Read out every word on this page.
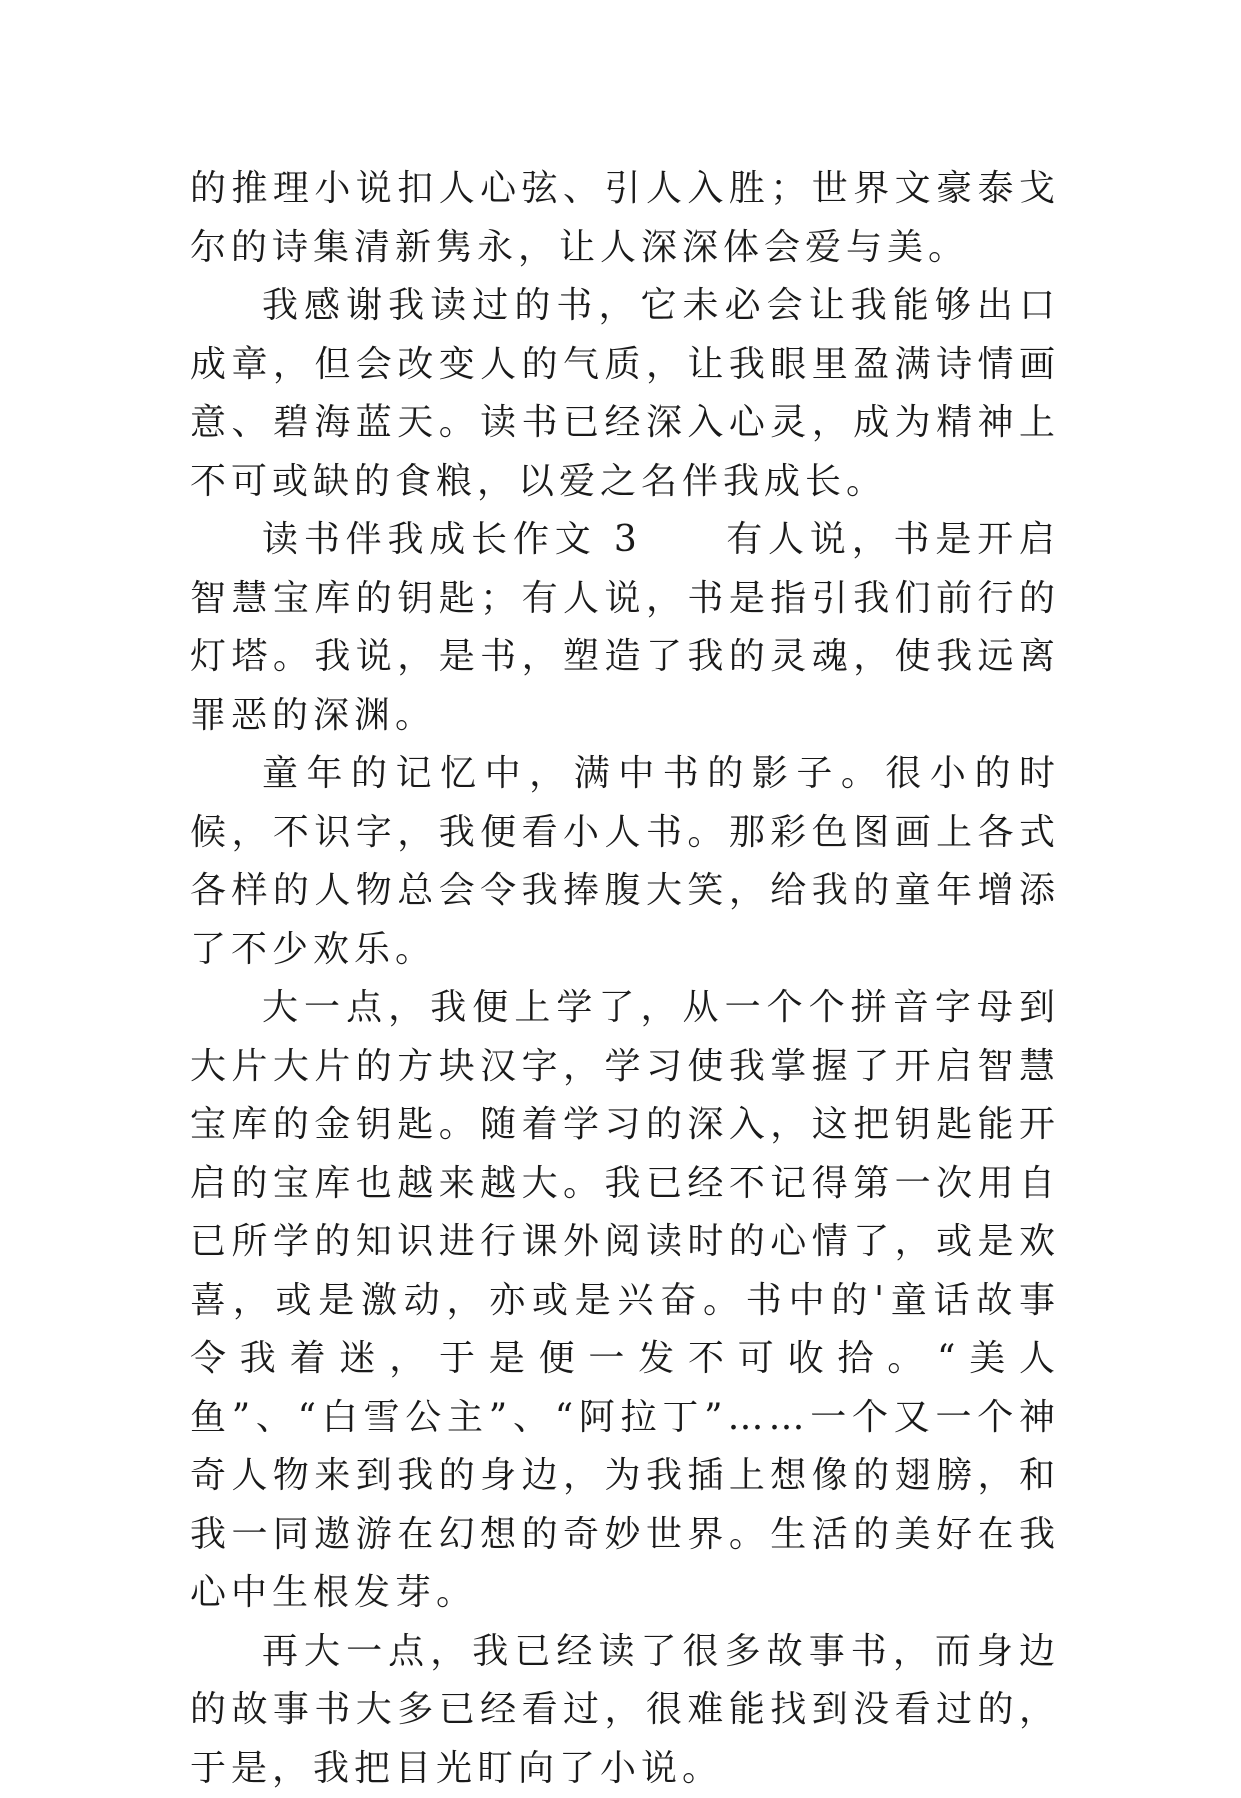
的推理小说扣人心弦、引人入胜；世界文豪泰戈尔的诗集清新隽永，让人深深体会爱与美。

我感谢我读过的书，它未必会让我能够出口成章，但会改变人的气质，让我眼里盈满诗情画意、碧海蓝天。读书已经深入心灵，成为精神上不可或缺的食粮，以爱之名伴我成长。

读书伴我成长作文 3　　有人说，书是开启智慧宝库的钥匙；有人说，书是指引我们前行的灯塔。我说，是书，塑造了我的灵魂，使我远离罪恶的深渊。

童年的记忆中，满中书的影子。很小的时候，不识字，我便看小人书。那彩色图画上各式各样的人物总会令我捧腹大笑，给我的童年增添了不少欢乐。

大一点，我便上学了，从一个个拼音字母到大片大片的方块汉字，学习使我掌握了开启智慧宝库的金钥匙。随着学习的深入，这把钥匙能开启的宝库也越来越大。我已经不记得第一次用自已所学的知识进行课外阅读时的心情了，或是欢喜，或是激动，亦或是兴奋。书中的'童话故事令我着迷，于是便一发不可收拾。“美人鱼”、“白雪公主”、“阿拉丁”……一个又一个神奇人物来到我的身边，为我插上想像的翅膀，和我一同遨游在幻想的奇妙世界。生活的美好在我心中生根发芽。

再大一点，我已经读了很多故事书，而身边的故事书大多已经看过，很难能找到没看过的，于是，我把目光盯向了小说。
